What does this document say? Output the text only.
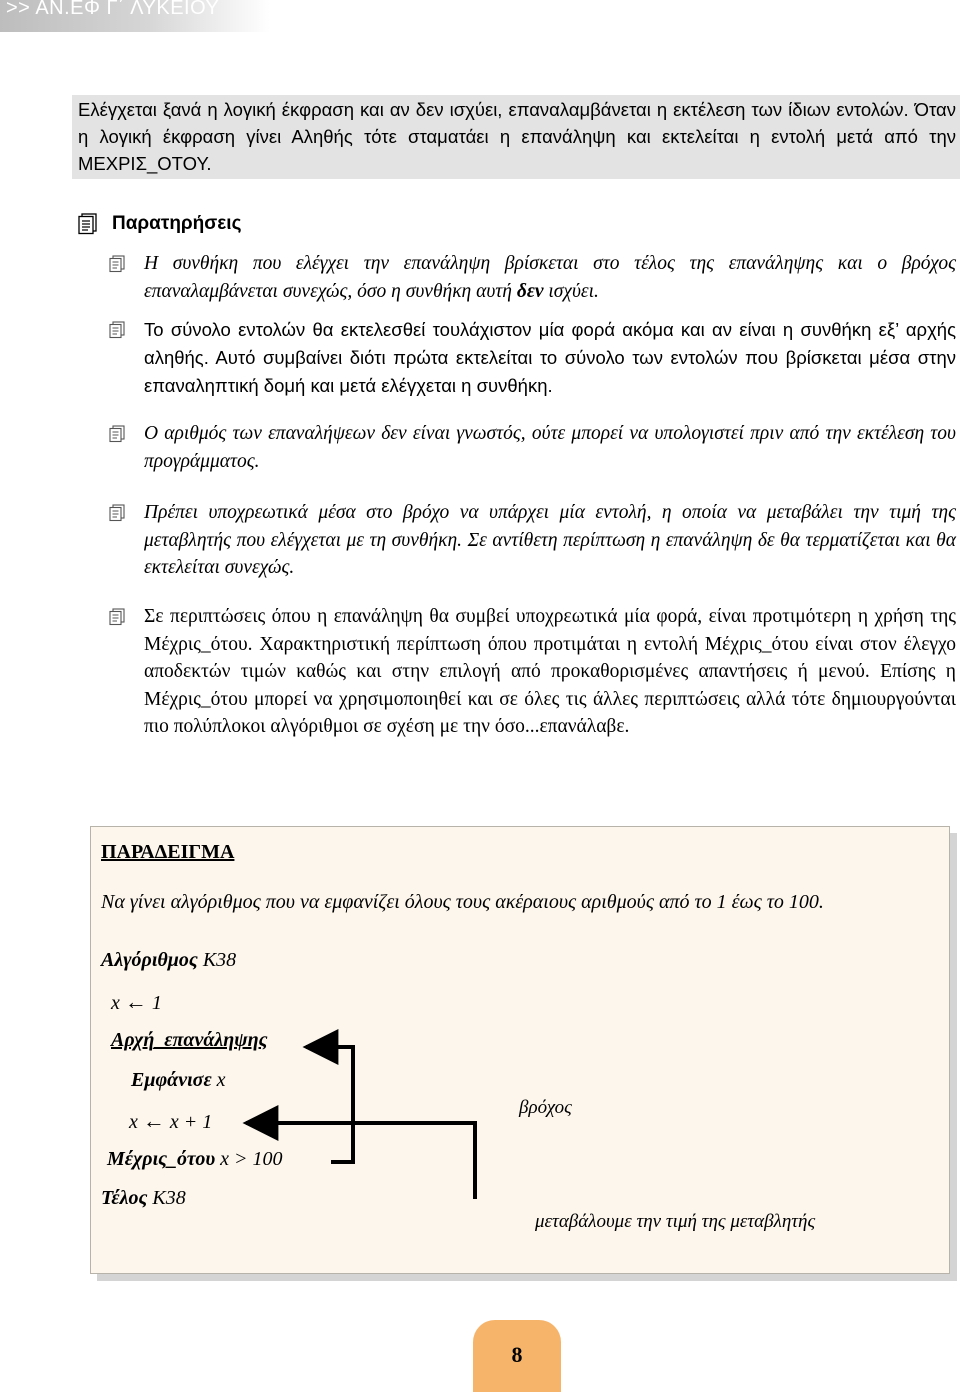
>> ΑΝ.ΕΦ Γ΄ ΛΥΚΕΙΟΥ
Ελέγχεται ξανά η λογική έκφραση και αν δεν ισχύει, επαναλαμβάνεται η εκτέλεση των ίδιων εντολών. Όταν η λογική έκφραση γίνει Αληθής τότε σταματάει η επανάληψη και εκτελείται η εντολή μετά από την ΜΕΧΡΙΣ_ΟΤΟΥ.
Παρατηρήσεις
Η συνθήκη που ελέγχει την επανάληψη βρίσκεται στο τέλος της επανάληψης και ο βρόχος επαναλαμβάνεται συνεχώς, όσο η συνθήκη αυτή δεν ισχύει.
Το σύνολο εντολών θα εκτελεσθεί τουλάχιστον μία φορά ακόμα και αν είναι η συνθήκη εξ’ αρχής αληθής. Αυτό συμβαίνει διότι πρώτα εκτελείται το σύνολο των εντολών που βρίσκεται μέσα στην επαναληπτική δομή και μετά ελέγχεται η συνθήκη.
Ο αριθμός των επαναλήψεων δεν είναι γνωστός, ούτε μπορεί να υπολογιστεί πριν από την εκτέλεση του προγράμματος.
Πρέπει υποχρεωτικά μέσα στο βρόχο να υπάρχει μία εντολή, η οποία να μεταβάλει την τιμή της μεταβλητής που ελέγχεται με τη συνθήκη. Σε αντίθετη περίπτωση η επανάληψη δε θα τερματίζεται και θα εκτελείται συνεχώς.
Σε περιπτώσεις όπου η επανάληψη θα συμβεί υποχρεωτικά μία φορά, είναι προτιμότερη η χρήση της Μέχρις_ότου. Χαρακτηριστική περίπτωση όπου προτιμάται η εντολή Μέχρις_ότου είναι στον έλεγχο αποδεκτών τιμών καθώς και στην επιλογή από προκαθορισμένες απαντήσεις ή μενού. Επίσης η Μέχρις_ότου μπορεί να χρησιμοποιηθεί και σε όλες τις άλλες περιπτώσεις αλλά τότε δημιουργούνται πιο πολύπλοκοι αλγόριθμοι σε σχέση με την όσο...επανάλαβε.
ΠΑΡΑΔΕΙΓΜΑ
Να γίνει αλγόριθμος που να εμφανίζει όλους τους ακέραιους αριθμούς από το 1 έως το 100.
Αλγόριθμος Κ38
x ← 1
Αρχή_επανάληψης
Εμφάνισε x
x ← x + 1
Μέχρις_ότου x > 100
Τέλος Κ38
βρόχος
μεταβάλουμε την τιμή της μεταβλητής
8
